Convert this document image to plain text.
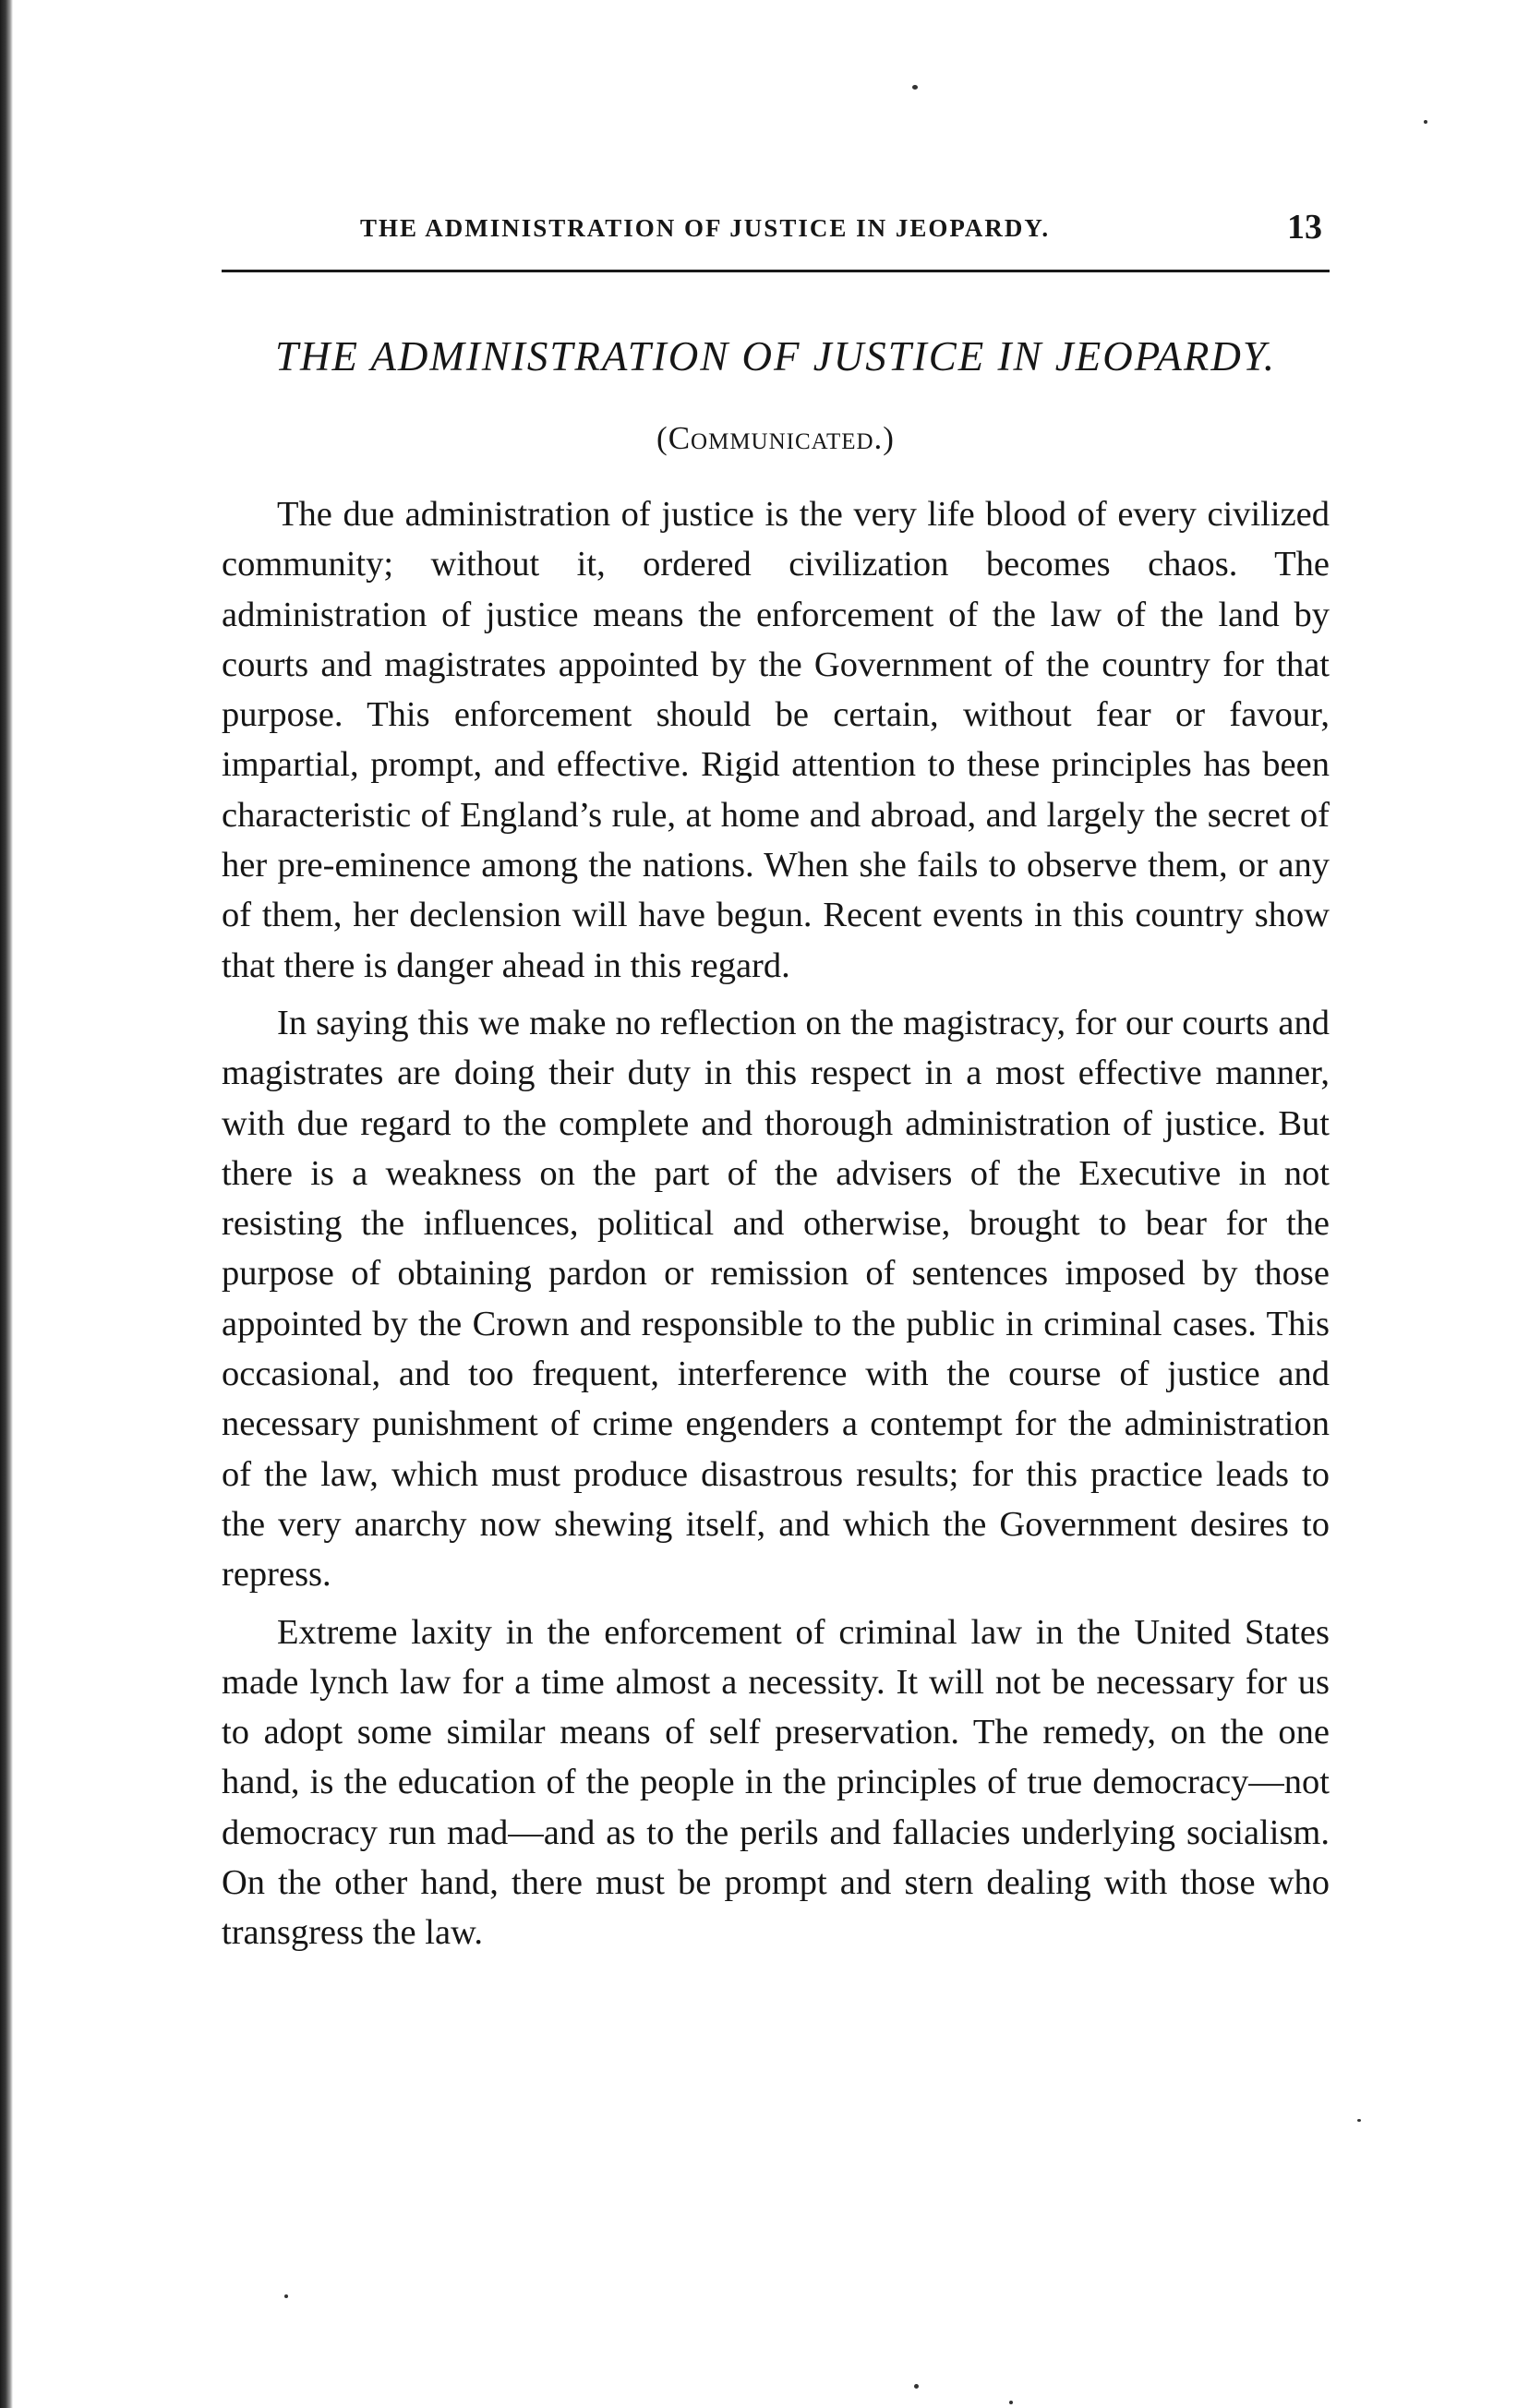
THE ADMINISTRATION OF JUSTICE IN JEOPARDY.	13
THE ADMINISTRATION OF JUSTICE IN JEOPARDY.
(Communicated.)

The due administration of justice is the very life blood of every civilized community; without it, ordered civilization becomes chaos. The administration of justice means the enforcement of the law of the land by courts and magistrates appointed by the Government of the country for that purpose. This enforcement should be certain, without fear or favour, impartial, prompt, and effective. Rigid attention to these principles has been characteristic of England’s rule, at home and abroad, and largely the secret of her pre-eminence among the nations. When she fails to observe them, or any of them, her declension will have begun. Recent events in this country show that there is danger ahead in this regard.

In saying this we make no reflection on the magistracy, for our courts and magistrates are doing their duty in this respect in a most effective manner, with due regard to the complete and thorough administration of justice. But there is a weakness on the part of the advisers of the Executive in not resisting the influences, political and otherwise, brought to bear for the purpose of obtaining pardon or remission of sentences imposed by those appointed by the Crown and responsible to the public in criminal cases. This occasional, and too frequent, interference with the course of justice and necessary punishment of crime engenders a contempt for the administration of the law, which must produce disastrous results; for this practice leads to the very anarchy now shewing itself, and which the Government desires to repress.

Extreme laxity in the enforcement of criminal law in the United States made lynch law for a time almost a necessity. It will not be necessary for us to adopt some similar means of self preservation. The remedy, on the one hand, is the education of the people in the principles of true democracy—not democracy run mad—and as to the perils and fallacies underlying socialism. On the other hand, there must be prompt and stern dealing with those who transgress the law.
